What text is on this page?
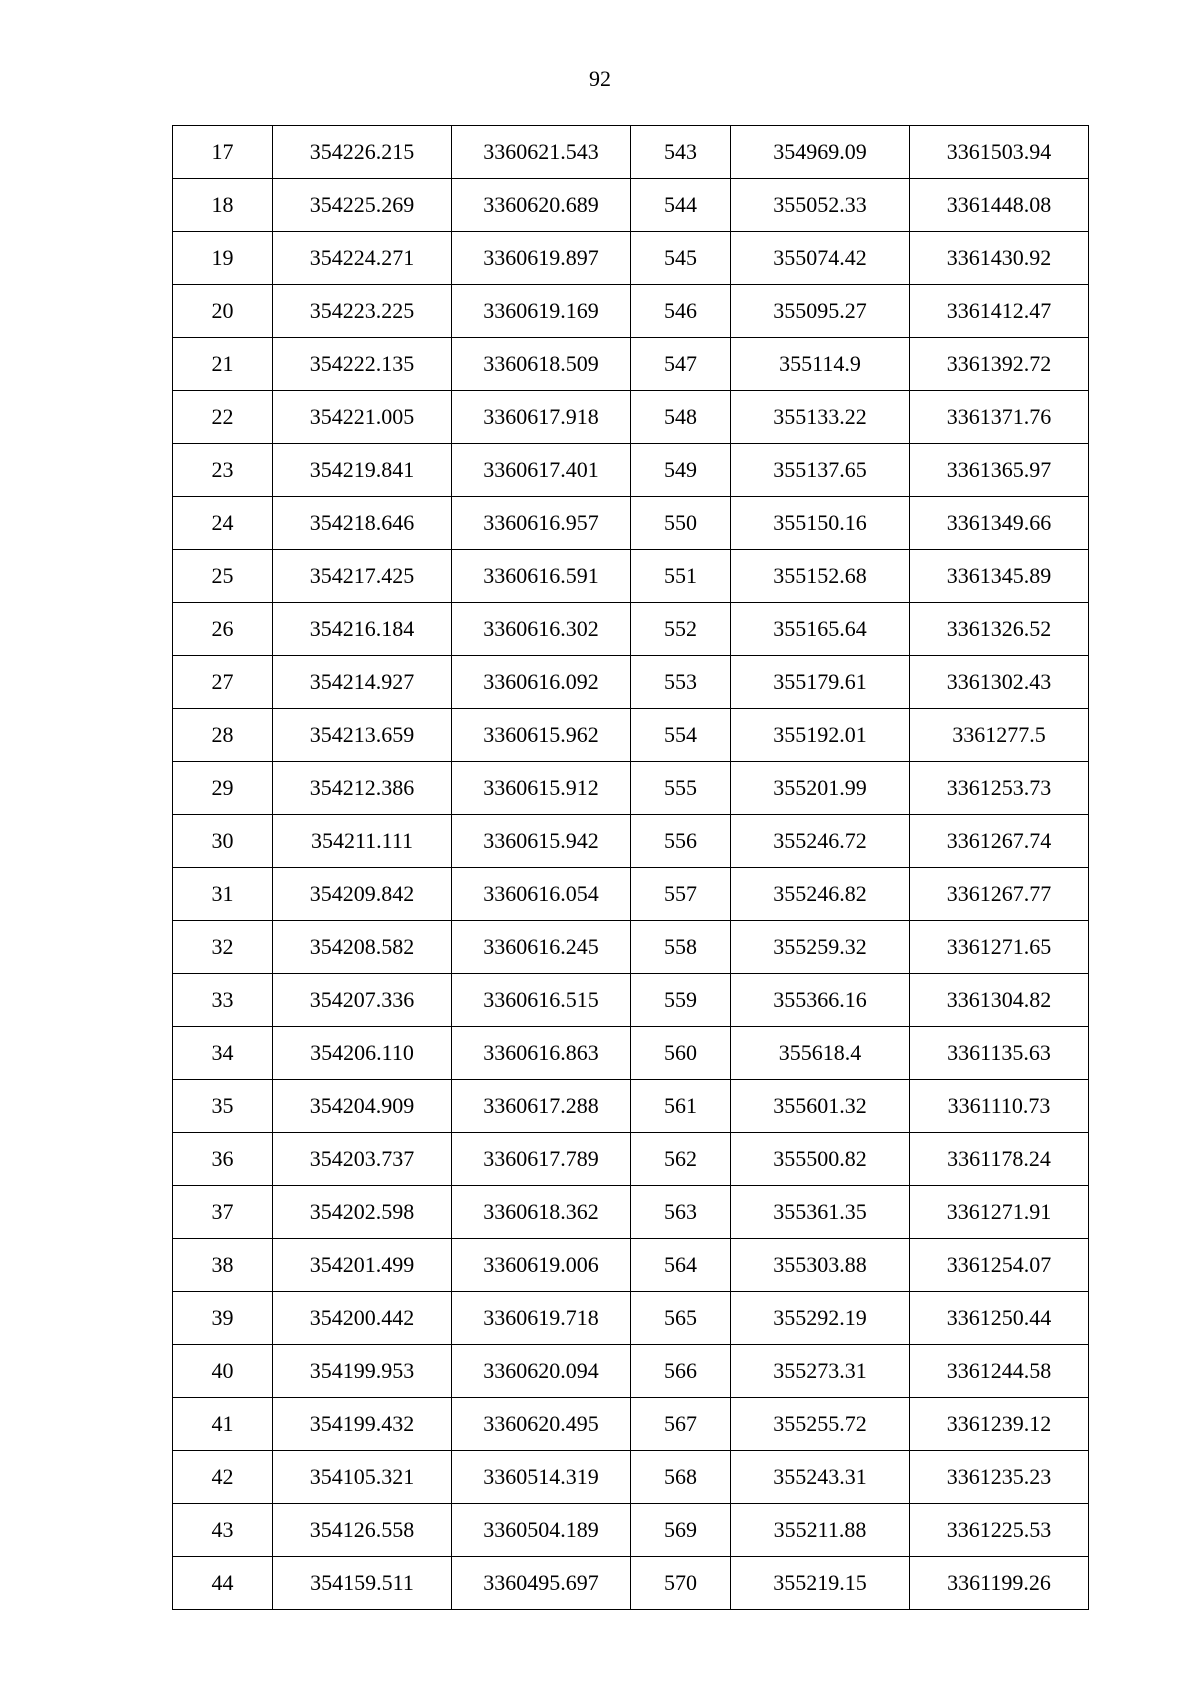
92
17	354226.215	3360621.543	543	354969.09	3361503.94
18	354225.269	3360620.689	544	355052.33	3361448.08
19	354224.271	3360619.897	545	355074.42	3361430.92
20	354223.225	3360619.169	546	355095.27	3361412.47
21	354222.135	3360618.509	547	355114.9	3361392.72
22	354221.005	3360617.918	548	355133.22	3361371.76
23	354219.841	3360617.401	549	355137.65	3361365.97
24	354218.646	3360616.957	550	355150.16	3361349.66
25	354217.425	3360616.591	551	355152.68	3361345.89
26	354216.184	3360616.302	552	355165.64	3361326.52
27	354214.927	3360616.092	553	355179.61	3361302.43
28	354213.659	3360615.962	554	355192.01	3361277.5
29	354212.386	3360615.912	555	355201.99	3361253.73
30	354211.111	3360615.942	556	355246.72	3361267.74
31	354209.842	3360616.054	557	355246.82	3361267.77
32	354208.582	3360616.245	558	355259.32	3361271.65
33	354207.336	3360616.515	559	355366.16	3361304.82
34	354206.110	3360616.863	560	355618.4	3361135.63
35	354204.909	3360617.288	561	355601.32	3361110.73
36	354203.737	3360617.789	562	355500.82	3361178.24
37	354202.598	3360618.362	563	355361.35	3361271.91
38	354201.499	3360619.006	564	355303.88	3361254.07
39	354200.442	3360619.718	565	355292.19	3361250.44
40	354199.953	3360620.094	566	355273.31	3361244.58
41	354199.432	3360620.495	567	355255.72	3361239.12
42	354105.321	3360514.319	568	355243.31	3361235.23
43	354126.558	3360504.189	569	355211.88	3361225.53
44	354159.511	3360495.697	570	355219.15	3361199.26
